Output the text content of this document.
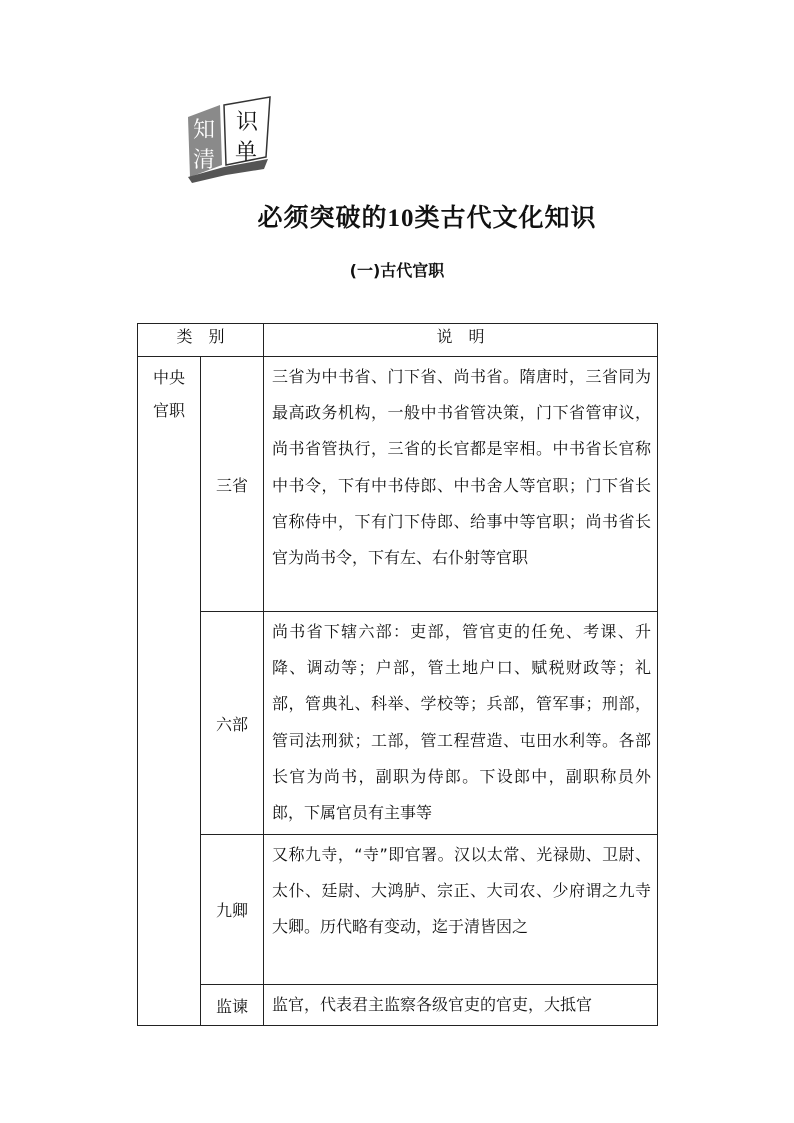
知 识
清 单
必须突破的10类古代文化知识
(一)古代官职
类　别		说　明
中央
官职	三省	三省为中书省、门下省、尚书省。隋唐时，三省同为最高政务机构，一般中书省管决策，门下省管审议，尚书省管执行，三省的长官都是宰相。中书省长官称中书令，下有中书侍郎、中书舍人等官职；门下省长官称侍中，下有门下侍郎、给事中等官职；尚书省长官为尚书令，下有左、右仆射等官职
	六部	尚书省下辖六部：吏部，管官吏的任免、考课、升降、调动等；户部，管土地户口、赋税财政等；礼部，管典礼、科举、学校等；兵部，管军事；刑部，管司法刑狱；工部，管工程营造、屯田水利等。各部长官为尚书，副职为侍郎。下设郎中，副职称员外郎，下属官员有主事等
	九卿	又称九寺，“寺”即官署。汉以太常、光禄勋、卫尉、太仆、廷尉、大鸿胪、宗正、大司农、少府谓之九寺大卿。历代略有变动，迄于清皆因之
	监谏	监官，代表君主监察各级官吏的官吏，大抵官
